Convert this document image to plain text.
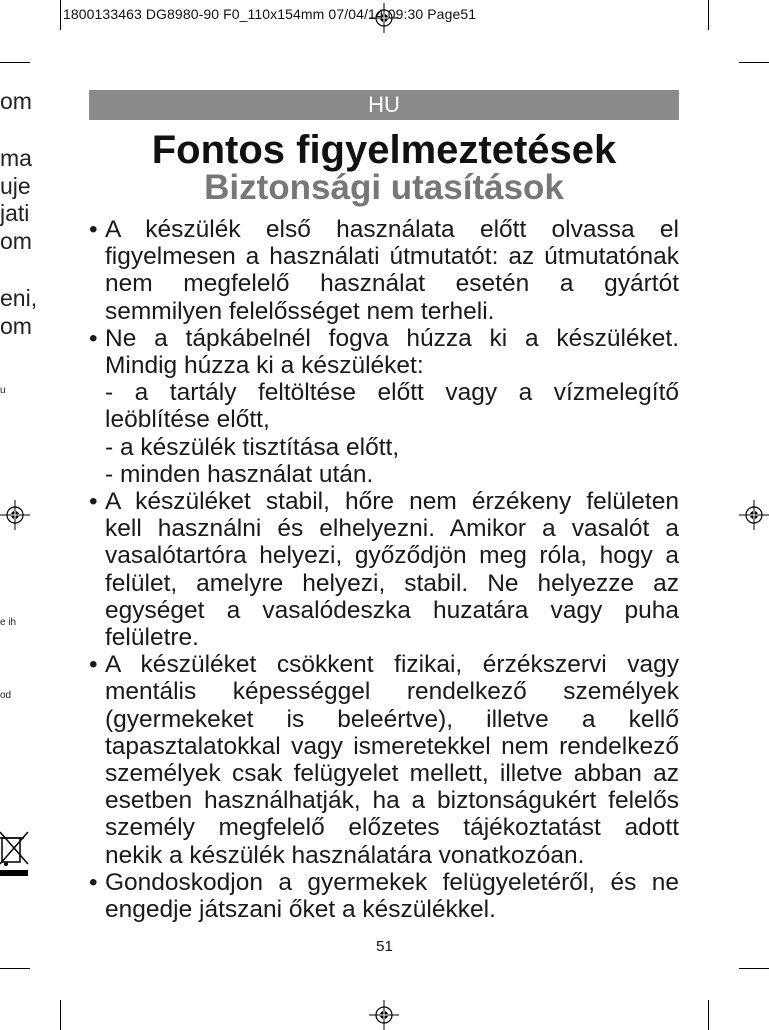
1800133463 DG8980-90 F0_110x154mm 07/04/14 09:30 Page51
om
ma
uje
jati
om
eni,
om
u
e ih
od
HU
Fontos figyelmeztetések
Biztonsági utasítások
• A készülék első használata előtt olvassa el
figyelmesen a használati útmutatót: az útmutatónak
nem megfelelő használat esetén a gyártót
semmilyen felelősséget nem terheli.
• Ne a tápkábelnél fogva húzza ki a készüléket.
Mindig húzza ki a készüléket:
- a tartály feltöltése előtt vagy a vízmelegítő
leöblítése előtt,
- a készülék tisztítása előtt,
- minden használat után.
• A készüléket stabil, hőre nem érzékeny felületen
kell használni és elhelyezni. Amikor a vasalót a
vasalótartóra helyezi, győződjön meg róla, hogy a
felület, amelyre helyezi, stabil. Ne helyezze az
egységet a vasalódeszka huzatára vagy puha
felületre.
• A készüléket csökkent fizikai, érzékszervi vagy
mentális képességgel rendelkező személyek
(gyermekeket is beleértve), illetve a kellő
tapasztalatokkal vagy ismeretekkel nem rendelkező
személyek csak felügyelet mellett, illetve abban az
esetben használhatják, ha a biztonságukért felelős
személy megfelelő előzetes tájékoztatást adott
nekik a készülék használatára vonatkozóan.
• Gondoskodjon a gyermekek felügyeletéről, és ne
engedje játszani őket a készülékkel.
51
